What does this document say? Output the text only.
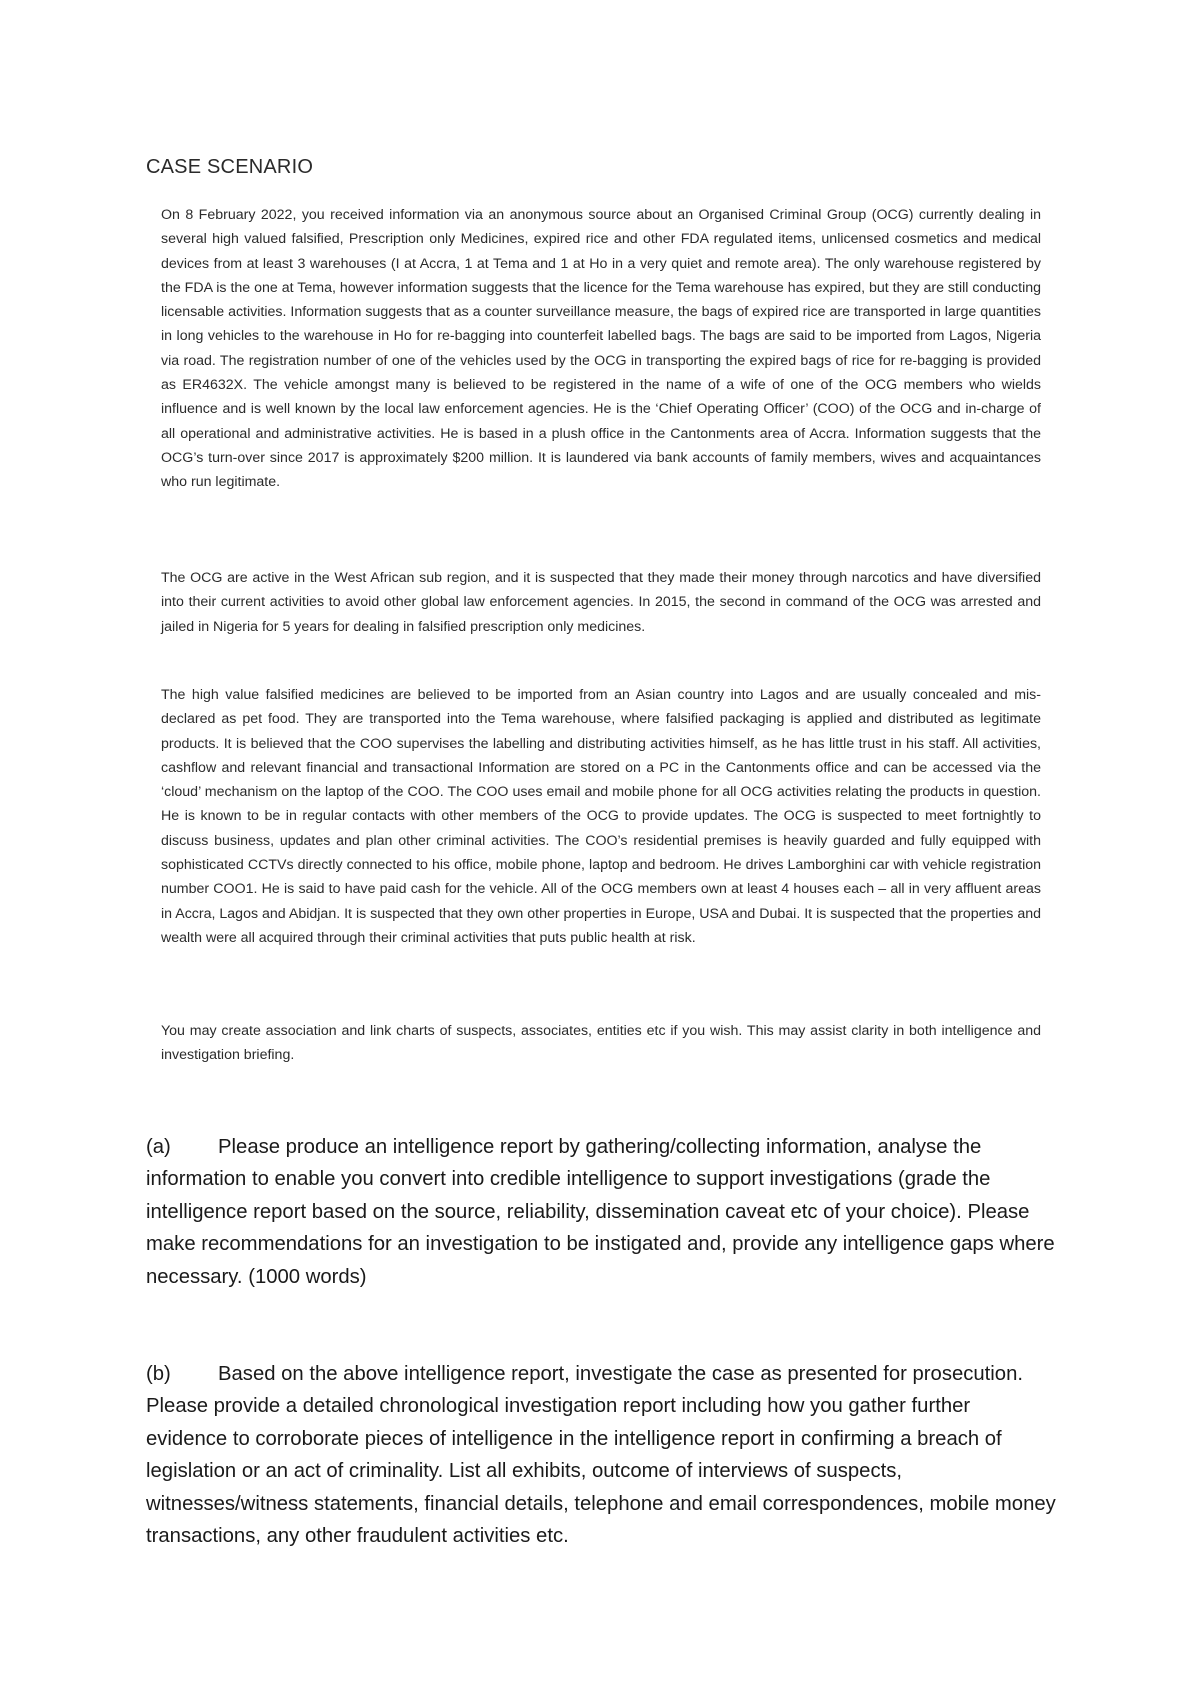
CASE SCENARIO

On 8 February 2022, you received information via an anonymous source about an Organised Criminal Group (OCG) currently dealing in several high valued falsified, Prescription only Medicines, expired rice and other FDA regulated items, unlicensed cosmetics and medical devices from at least 3 warehouses (I at Accra, 1 at Tema and 1 at Ho in a very quiet and remote area). The only warehouse registered by the FDA is the one at Tema, however information suggests that the licence for the Tema warehouse has expired, but they are still conducting licensable activities. Information suggests that as a counter surveillance measure, the bags of expired rice are transported in large quantities in long vehicles to the warehouse in Ho for re-bagging into counterfeit labelled bags. The bags are said to be imported from Lagos, Nigeria via road. The registration number of one of the vehicles used by the OCG in transporting the expired bags of rice for re-bagging is provided as ER4632X. The vehicle amongst many is believed to be registered in the name of a wife of one of the OCG members who wields influence and is well known by the local law enforcement agencies. He is the ‘Chief Operating Officer’ (COO) of the OCG and in-charge of all operational and administrative activities. He is based in a plush office in the Cantonments area of Accra. Information suggests that the OCG’s turn-over since 2017 is approximately $200 million. It is laundered via bank accounts of family members, wives and acquaintances who run legitimate.

The OCG are active in the West African sub region, and it is suspected that they made their money through narcotics and have diversified into their current activities to avoid other global law enforcement agencies. In 2015, the second in command of the OCG was arrested and jailed in Nigeria for 5 years for dealing in falsified prescription only medicines.

The high value falsified medicines are believed to be imported from an Asian country into Lagos and are usually concealed and mis-declared as pet food. They are transported into the Tema warehouse, where falsified packaging is applied and distributed as legitimate products. It is believed that the COO supervises the labelling and distributing activities himself, as he has little trust in his staff. All activities, cashflow and relevant financial and transactional Information are stored on a PC in the Cantonments office and can be accessed via the ‘cloud’ mechanism on the laptop of the COO. The COO uses email and mobile phone for all OCG activities relating the products in question. He is known to be in regular contacts with other members of the OCG to provide updates. The OCG is suspected to meet fortnightly to discuss business, updates and plan other criminal activities. The COO’s residential premises is heavily guarded and fully equipped with sophisticated CCTVs directly connected to his office, mobile phone, laptop and bedroom. He drives Lamborghini car with vehicle registration number COO1. He is said to have paid cash for the vehicle. All of the OCG members own at least 4 houses each – all in very affluent areas in Accra, Lagos and Abidjan. It is suspected that they own other properties in Europe, USA and Dubai. It is suspected that the properties and wealth were all acquired through their criminal activities that puts public health at risk.

You may create association and link charts of suspects, associates, entities etc if you wish. This may assist clarity in both intelligence and investigation briefing.

(a) Please produce an intelligence report by gathering/collecting information, analyse the information to enable you convert into credible intelligence to support investigations (grade the intelligence report based on the source, reliability, dissemination caveat etc of your choice). Please make recommendations for an investigation to be instigated and, provide any intelligence gaps where necessary. (1000 words)
(b) Based on the above intelligence report, investigate the case as presented for prosecution. Please provide a detailed chronological investigation report including how you gather further evidence to corroborate pieces of intelligence in the intelligence report in confirming a breach of legislation or an act of criminality. List all exhibits, outcome of interviews of suspects, witnesses/witness statements, financial details, telephone and email correspondences, mobile money transactions, any other fraudulent activities etc.
